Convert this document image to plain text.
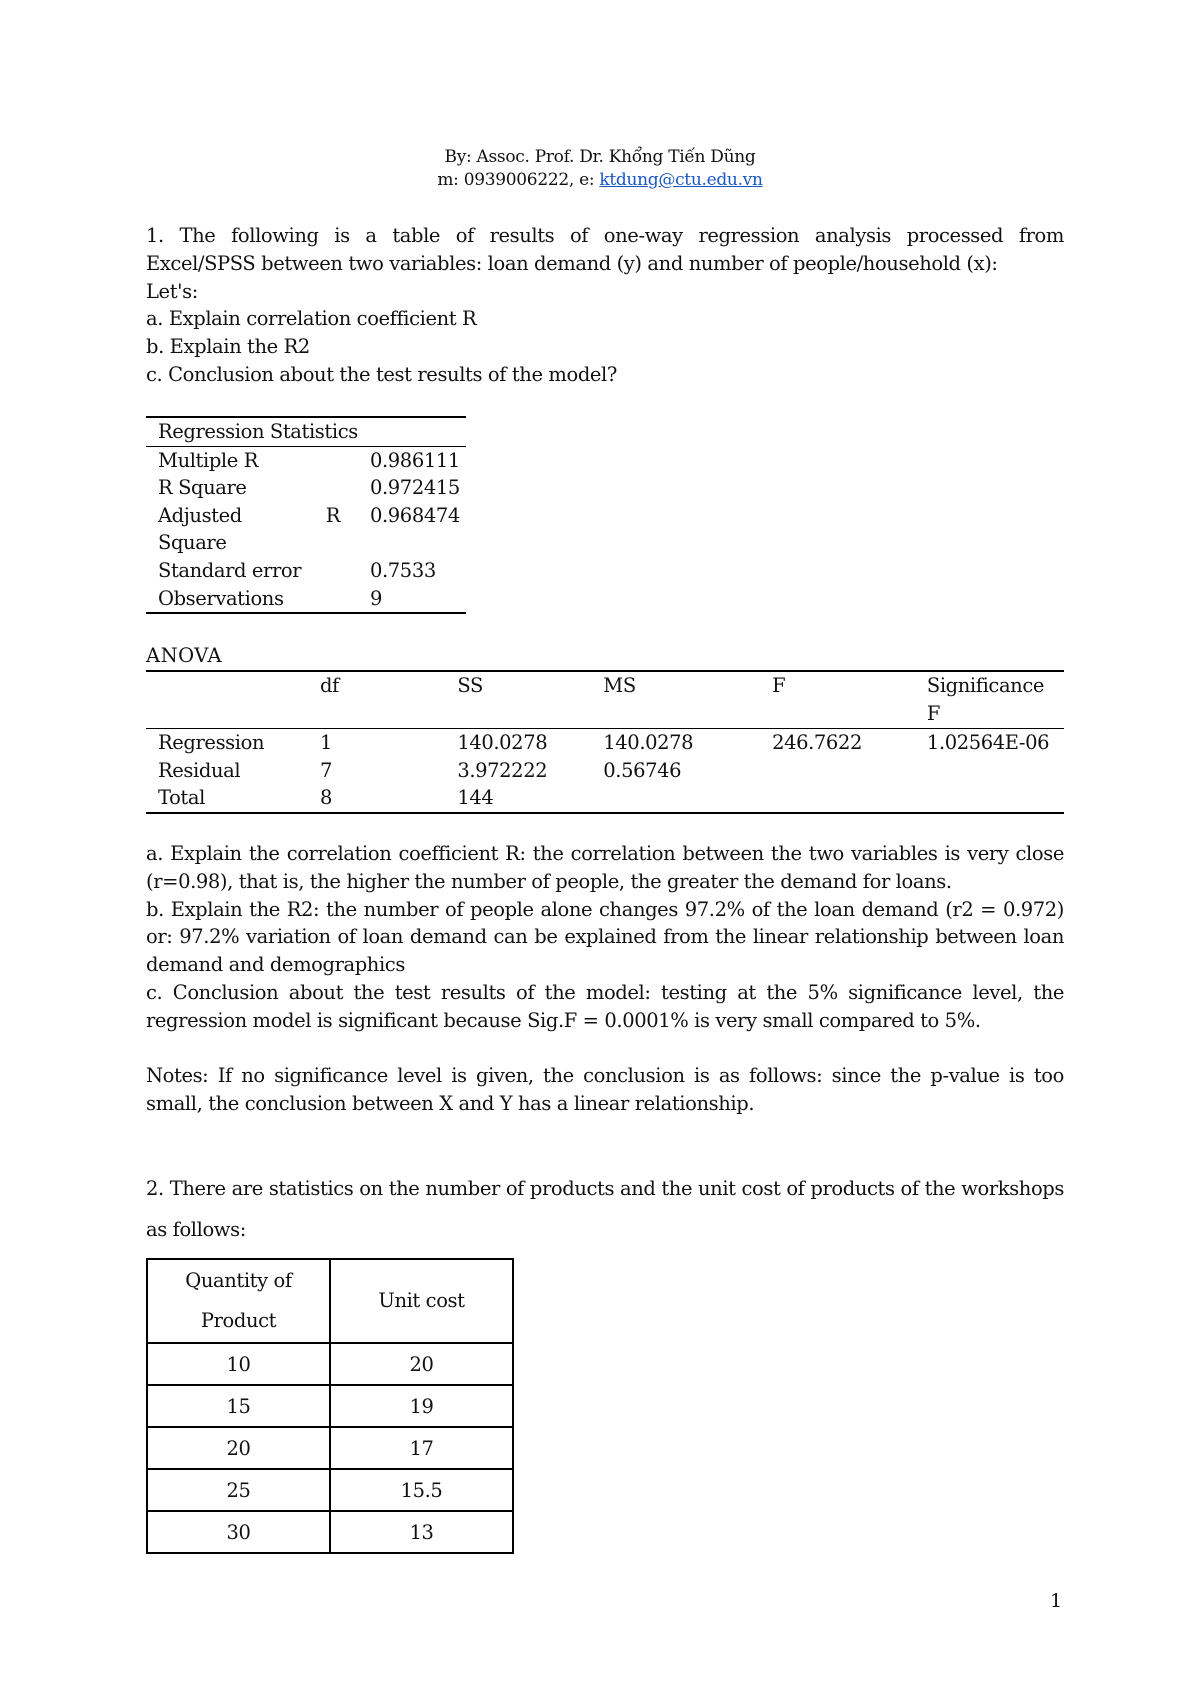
By: Assoc. Prof. Dr. Khổng Tiến Dũng
m: 0939006222, e: ktdung@ctu.edu.vn
1. The following is a table of results of one-way regression analysis processed from
Excel/SPSS between two variables: loan demand (y) and number of people/household (x):
Let's:
a. Explain correlation coefficient R
b. Explain the R2
c. Conclusion about the test results of the model?
Regression Statistics	
Multiple R	0.986111
R Square	0.972415

Adjusted R
Square	0.968474
Standard error	0.7533
Observations	9
ANOVA
	df	SS	MS	F	Significance F
Regression	1	140.0278	140.0278	246.7622	1.02564E-06
Residual	7	3.972222	0.56746		
Total	8	144			
a. Explain the correlation coefficient R: the correlation between the two variables is very close (r=0.98), that is, the higher the number of people, the greater the demand for loans.
b. Explain the R2: the number of people alone changes 97.2% of the loan demand (r2 = 0.972) or: 97.2% variation of loan demand can be explained from the linear relationship between loan demand and demographics
c. Conclusion about the test results of the model: testing at the 5% significance level, the regression model is significant because Sig.F = 0.0001% is very small compared to 5%.
Notes: If no significance level is given, the conclusion is as follows: since the p-value is too small, the conclusion between X and Y has a linear relationship.
2. There are statistics on the number of products and the unit cost of products of the workshops as follows:
Quantity of Product	Unit cost
10	20
15	19
20	17
25	15.5
30	13
1
